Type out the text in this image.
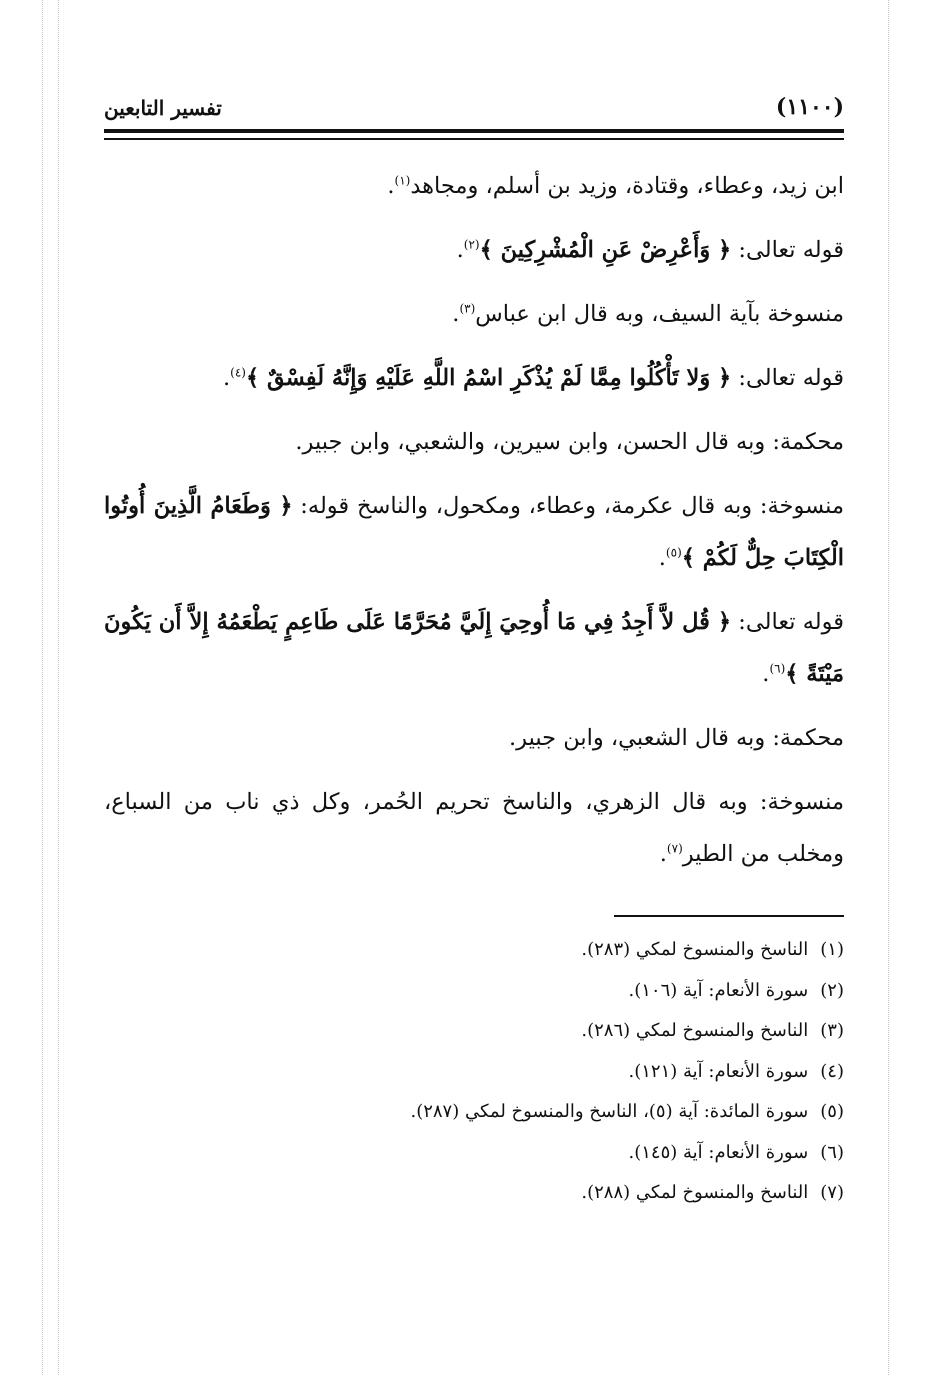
(١١٠٠)
تفسير التابعين

ابن زيد، وعطاء، وقتادة، وزيد بن أسلم، ومجاهد$^{(١)}$.

قوله تعالى: ﴿ وَأَعْرِضْ عَنِ الْمُشْرِكِينَ ﴾$^{(٢)}$.

منسوخة بآية السيف، وبه قال ابن عباس$^{(٣)}$.

قوله تعالى: ﴿ وَلا تَأْكُلُوا مِمَّا لَمْ يُذْكَرِ اسْمُ اللَّهِ عَلَيْهِ وَإِنَّهُ لَفِسْقٌ ﴾$^{(٤)}$.

محكمة: وبه قال الحسن، وابن سيرين، والشعبي، وابن جبير.

منسوخة: وبه قال عكرمة، وعطاء، ومكحول، والناسخ قوله: ﴿ وَطَعَامُ الَّذِينَ أُوتُوا الْكِتَابَ حِلٌّ لَكُمْ ﴾$^{(٥)}$.

قوله تعالى: ﴿ قُل لاَّ أَجِدُ فِي مَا أُوحِيَ إِلَيَّ مُحَرَّمًا عَلَى طَاعِمٍ يَطْعَمُهُ إِلاَّ أَن يَكُونَ مَيْتَةً ﴾$^{(٦)}$.

محكمة: وبه قال الشعبي، وابن جبير.

منسوخة: وبه قال الزهري، والناسخ تحريم الحُمر، وكل ذي ناب من السباع، ومخلب من الطير$^{(٧)}$.

(١) الناسخ والمنسوخ لمكي (٢٨٣).
(٢) سورة الأنعام: آية (١٠٦).
(٣) الناسخ والمنسوخ لمكي (٢٨٦).
(٤) سورة الأنعام: آية (١٢١).
(٥) سورة المائدة: آية (٥)، الناسخ والمنسوخ لمكي (٢٨٧).
(٦) سورة الأنعام: آية (١٤٥).
(٧) الناسخ والمنسوخ لمكي (٢٨٨).
